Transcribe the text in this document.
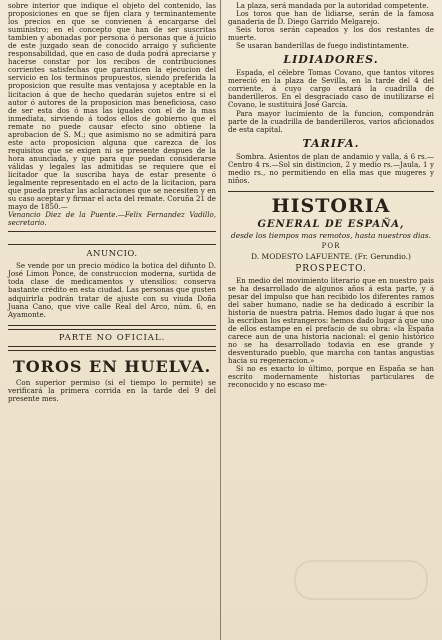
sobre interior que indique el objeto del contenido, las proposiciones en que se fijen clara y terminantemente los precios en que se convienen á encargarse del suministro; en el concepto que han de ser suscritas tambien y abonadas por persona ó personas que á juicio de este juzgado sean de conocido arraigo y suficiente responsabilidad, que en caso de duda podrá apreciarse y hacerse constar por los recibos de contribuciones corrientes satisfechas que garanticen la ejecucion del servicio en los terminos propuestos, siendo preferida la proposicion que resulte mas ventajosa y aceptable en la licitacion á que de hecho quedarán sujetos entre si el autor ó autores de la proposicion mas beneficiosa, caso de ser esta dos ó mas las iguales con el de la mas inmediata, sirviendo á todos ellos de gobierno que el remate no puede causar efecto sino obtiene la aprobacion de S. M.; que asimismo no se admitirá para este acto proposicion alguna que carezca de los requisitos que se exigen ni se presente despues de la hora anunciada, y que para que puedan considerarse válidas y legales las admitidas se requiere que el licitador que la suscriba haya de estar presente ó legalmente representado en el acto de la licitacion, para que pueda prestar las aclaraciones que se necesiten y en su caso aceptar y firmar el acta del remate. Coruña 21 de mayo de 1850.—

Venancio Diez de la Puente.—Felix Fernandez Vadillo, secretario.

ANUNCIO.

Se vende por un precio módico la botica del difunto D. José Limon Ponce, de construccion moderna, surtida de toda clase de medicamentos y utensilios: conserva bastante crédito en esta ciudad. Las personas que gusten adquirirla podrán tratar de ajuste con su viuda Doña Juana Cano, que vive calle Real del Arco, núm. 6, en Ayamonte.

PARTE NO OFICIAL.

TOROS EN HUELVA.

Con superior permiso (si el tiempo lo permite) se verificará la primera corrida en la tarde del 9 del presente mes.

La plaza, será mandada por la autoridad competente.

Los toros que han de lidiarse, serán de la famosa ganaderia de D. Diego Garrido Melgarejo.

Seis toros serán capeados y los dos restantes de muerte.

Se usaran banderillas de fuego indistintamente.

LIDIADORES.

Espada, el célebre Tomas Covano, que tantos vitores mereció en la plaza de Sevilla, en la tarde del 4 del corriente, á cuyo cargo estará la cuadrilla de banderilleros. En el desgraciado caso de inutilizarse el Covano, le sustituirá José García.

Para mayor lucimiento de la funcion, compondrán parte de la cuadrilla de banderilleros, varios aficionados de esta capital.

TARIFA.

Sombra. Asientos de plan de andamio y valla, á 6 rs.—Centro 4 rs.—Sol sin distincion, 2 y medio rs.—Jaula, 1 y medio rs., no permitiendo en ella mas que mugeres y niños.

HISTORIA

GENERAL DE ESPAÑA,

desde los tiempos mas remotos, hasta nuestros dias.

POR

D. MODESTO LAFUENTE. (Fr. Gerundio.)

PROSPECTO.

En medio del movimiento literario que en nuestro pais se ha desarrollado de algunos años á esta parte, y á pesar del impulso que han recibido los diferentes ramos del saber humano, nadie se ha dedicado á escribir la historia de nuestra patria. Hemos dado lugar á que nos la escriban los estrangeros: hemos dado lugar á que uno de ellos estampe en el prefacio de su obra: «la España carece aun de una historia nacional: el genio histórico no se ha desarrollado todavia en ese grande y desventurado pueblo, que marcha con tantas angustias hacia su regeneracion.»

Si no es exacto lo último, porque en España se han escrito modernamente historias particulares de reconocido y no escaso me-
